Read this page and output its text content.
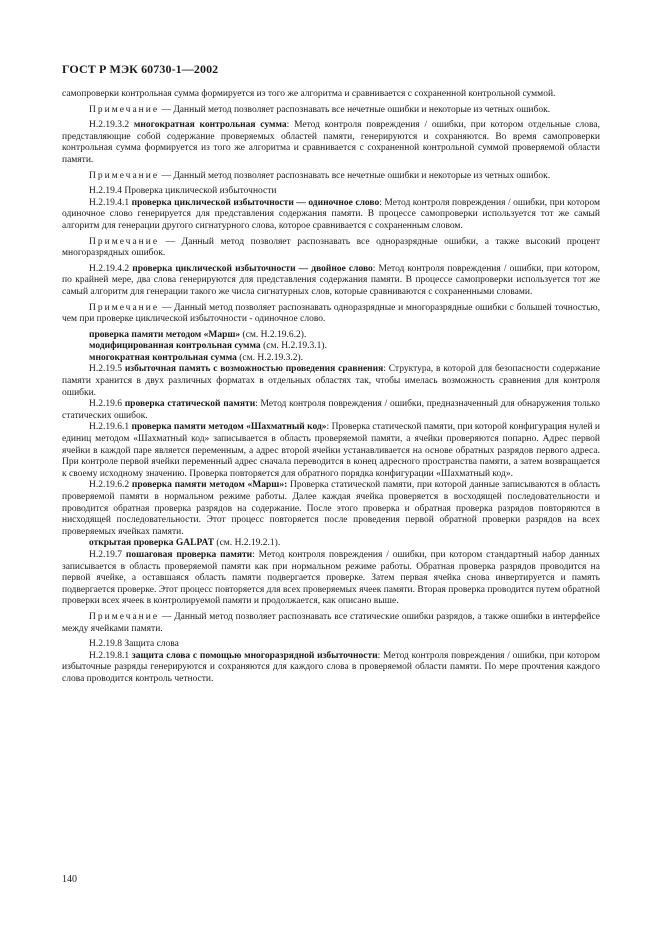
ГОСТ Р МЭК 60730-1—2002

самопроверки контрольная сумма формируется из того же алгоритма и сравнивается с сохраненной контрольной суммой.

Примечание — Данный метод позволяет распознавать все нечетные ошибки и некоторые из четных ошибок.

Н.2.19.3.2 многократная контрольная сумма: Метод контроля повреждения / ошибки, при котором отдельные слова, представляющие собой содержание проверяемых областей памяти, генерируются и сохраняются. Во время самопроверки контрольная сумма формируется из того же алгоритма и сравнивается с сохраненной контрольной суммой проверяемой области памяти.

Примечание — Данный метод позволяет распознавать все нечетные ошибки и некоторые из четных ошибок.

Н.2.19.4 Проверка циклической избыточности

Н.2.19.4.1 проверка циклической избыточности — одиночное слово: Метод контроля повреждения / ошибки, при котором одиночное слово генерируется для представления содержания памяти. В процессе самопроверки используется тот же самый алгоритм для генерации другого сигнатурного слова, которое сравнивается с сохраненным словом.

Примечание — Данный метод позволяет распознавать все одноразрядные ошибки, а также высокий процент многоразрядных ошибок.

Н.2.19.4.2 проверка циклической избыточности — двойное слово: Метод контроля повреждения / ошибки, при котором, по крайней мере, два слова генерируются для представления содержания памяти. В процессе самопроверки используется тот же самый алгоритм для генерации такого же числа сигнатурных слов, которые сравниваются с сохраненными словами.

Примечание — Данный метод позволяет распознавать одноразрядные и многоразрядные ошибки с большей точностью, чем при проверке циклической избыточности - одиночное слово.

проверка памяти методом «Марш» (см. Н.2.19.6.2).

модифицированная контрольная сумма (см. Н.2.19.3.1).

многократная контрольная сумма (см. Н.2.19.3.2).

Н.2.19.5 избыточная память с возможностью проведения сравнения: Структура, в которой для безопасности содержание памяти хранится в двух различных форматах в отдельных областях так, чтобы имелась возможность сравнения для контроля ошибки.

Н.2.19.6 проверка статической памяти: Метод контроля повреждения / ошибки, предназначенный для обнаружения только статических ошибок.

Н.2.19.6.1 проверка памяти методом «Шахматный код»: Проверка статической памяти, при которой конфигурация нулей и единиц методом «Шахматный код» записывается в область проверяемой памяти, а ячейки проверяются попарно. Адрес первой ячейки в каждой паре является переменным, а адрес второй ячейки устанавливается на основе обратных разрядов первого адреса. При контроле первой ячейки переменный адрес сначала переводится в конец адресного пространства памяти, а затем возвращается к своему исходному значению. Проверка повторяется для обратного порядка конфигурации «Шахматный код».

Н.2.19.6.2 проверка памяти методом «Марш»: Проверка статической памяти, при которой данные записываются в область проверяемой памяти в нормальном режиме работы. Далее каждая ячейка проверяется в восходящей последовательности и проводится обратная проверка разрядов на содержание. После этого проверка и обратная проверка разрядов повторяются в нисходящей последовательности. Этот процесс повторяется после проведения первой обратной проверки разрядов на всех проверяемых ячейках памяти.

открытая проверка GALPAT (см. Н.2.19.2.1).

Н.2.19.7 пошаговая проверка памяти: Метод контроля повреждения / ошибки, при котором стандартный набор данных записывается в область проверяемой памяти как при нормальном режиме работы. Обратная проверка разрядов проводится на первой ячейке, а оставшаяся область памяти подвергается проверке. Затем первая ячейка снова инвертируется и память подвергается проверке. Этот процесс повторяется для всех проверяемых ячеек памяти. Вторая проверка проводится путем обратной проверки всех ячеек в контролируемой памяти и продолжается, как описано выше.

Примечание — Данный метод позволяет распознавать все статические ошибки разрядов, а также ошибки в интерфейсе между ячейками памяти.

Н.2.19.8 Защита слова

Н.2.19.8.1 защита слова с помощью многоразрядной избыточности: Метод контроля повреждения / ошибки, при котором избыточные разряды генерируются и сохраняются для каждого слова в проверяемой области памяти. По мере прочтения каждого слова проводится контроль четности.

140
